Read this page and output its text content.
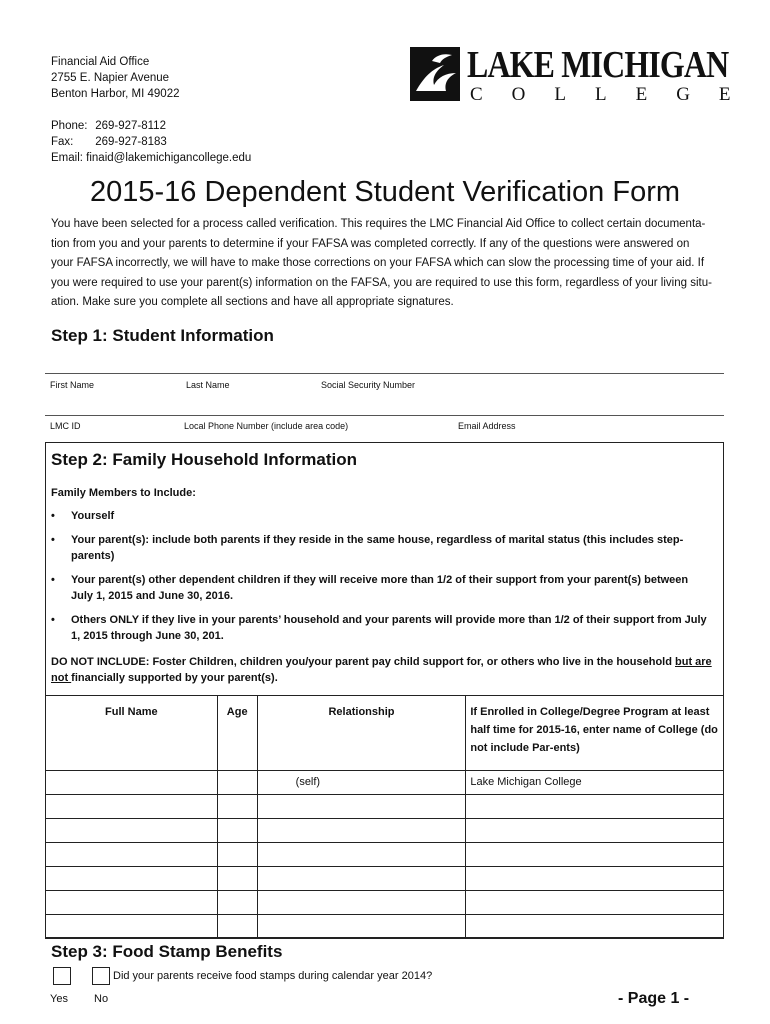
Financial Aid Office
2755 E. Napier Avenue
Benton Harbor, MI 49022
Phone: 269-927-8112
Fax: 269-927-8183
Email: finaid@lakemichigancollege.edu
LAKE MICHIGAN
COLLEGE
2015-16 Dependent Student Verification Form
You have been selected for a process called verification. This requires the LMC Financial Aid Office to collect certain documenta-
tion from you and your parents to determine if your FAFSA was completed correctly. If any of the questions were answered on
your FAFSA incorrectly, we will have to make those corrections on your FAFSA which can slow the processing time of your aid. If
you were required to use your parent(s) information on the FAFSA, you are required to use this form, regardless of your living situ-
ation. Make sure you complete all sections and have all appropriate signatures.
Step 1: Student Information
First Name	Last Name	Social Security Number
LMC ID	Local Phone Number (include area code)	Email Address
Step 2: Family Household Information
Family Members to Include:
• Yourself
• Your parent(s): include both parents if they reside in the same house, regardless of marital status (this includes step-
parents)
• Your parent(s) other dependent children if they will receive more than 1/2 of their support from your parent(s) between
July 1, 2015 and June 30, 2016.
• Others ONLY if they live in your parents’ household and your parents will provide more than 1/2 of their support from July
1, 2015 through June 30, 201.
DO NOT INCLUDE: Foster Children, children you/your parent pay child support for, or others who live in the household but are
not financially supported by your parent(s).
Full Name	Age	Relationship	If Enrolled in College/Degree Program at least half time for 2015-16, enter name of College (do not include Par-ents)
		(self)	Lake Michigan College

Step 3: Food Stamp Benefits
Did your parents receive food stamps during calendar year 2014?
Yes No	- Page 1 -
